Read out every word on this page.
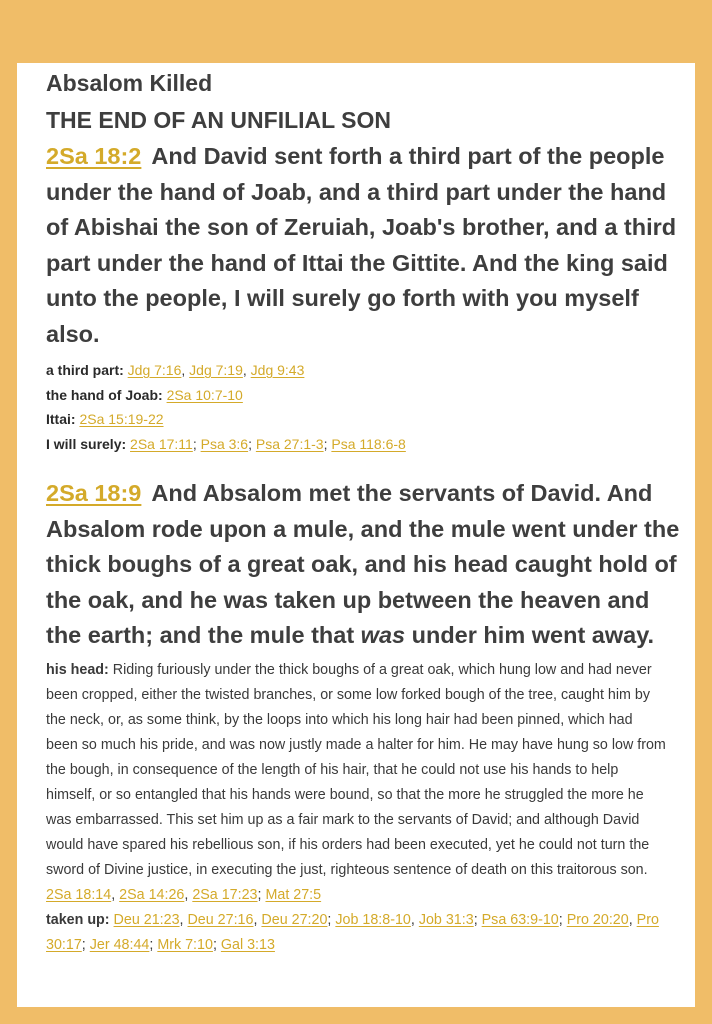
Absalom Killed

THE END OF AN UNFILIAL SON

2Sa 18:2 And David sent forth a third part of the people under the hand of Joab, and a third part under the hand of Abishai the son of Zeruiah, Joab's brother, and a third part under the hand of Ittai the Gittite. And the king said unto the people, I will surely go forth with you myself also.

a third part: Jdg 7:16, Jdg 7:19, Jdg 9:43
the hand of Joab: 2Sa 10:7-10
Ittai: 2Sa 15:19-22
I will surely: 2Sa 17:11; Psa 3:6; Psa 27:1-3; Psa 118:6-8

2Sa 18:9 And Absalom met the servants of David. And Absalom rode upon a mule, and the mule went under the thick boughs of a great oak, and his head caught hold of the oak, and he was taken up between the heaven and the earth; and the mule that was under him went away.

his head: Riding furiously under the thick boughs of a great oak, which hung low and had never been cropped, either the twisted branches, or some low forked bough of the tree, caught him by the neck, or, as some think, by the loops into which his long hair had been pinned, which had been so much his pride, and was now justly made a halter for him. He may have hung so low from the bough, in consequence of the length of his hair, that he could not use his hands to help himself, or so entangled that his hands were bound, so that the more he struggled the more he was embarrassed. This set him up as a fair mark to the servants of David; and although David would have spared his rebellious son, if his orders had been executed, yet he could not turn the sword of Divine justice, in executing the just, righteous sentence of death on this traitorous son. 2Sa 18:14, 2Sa 14:26, 2Sa 17:23; Mat 27:5

taken up: Deu 21:23, Deu 27:16, Deu 27:20; Job 18:8-10, Job 31:3; Psa 63:9-10; Pro 20:20, Pro 30:17; Jer 48:44; Mrk 7:10; Gal 3:13
